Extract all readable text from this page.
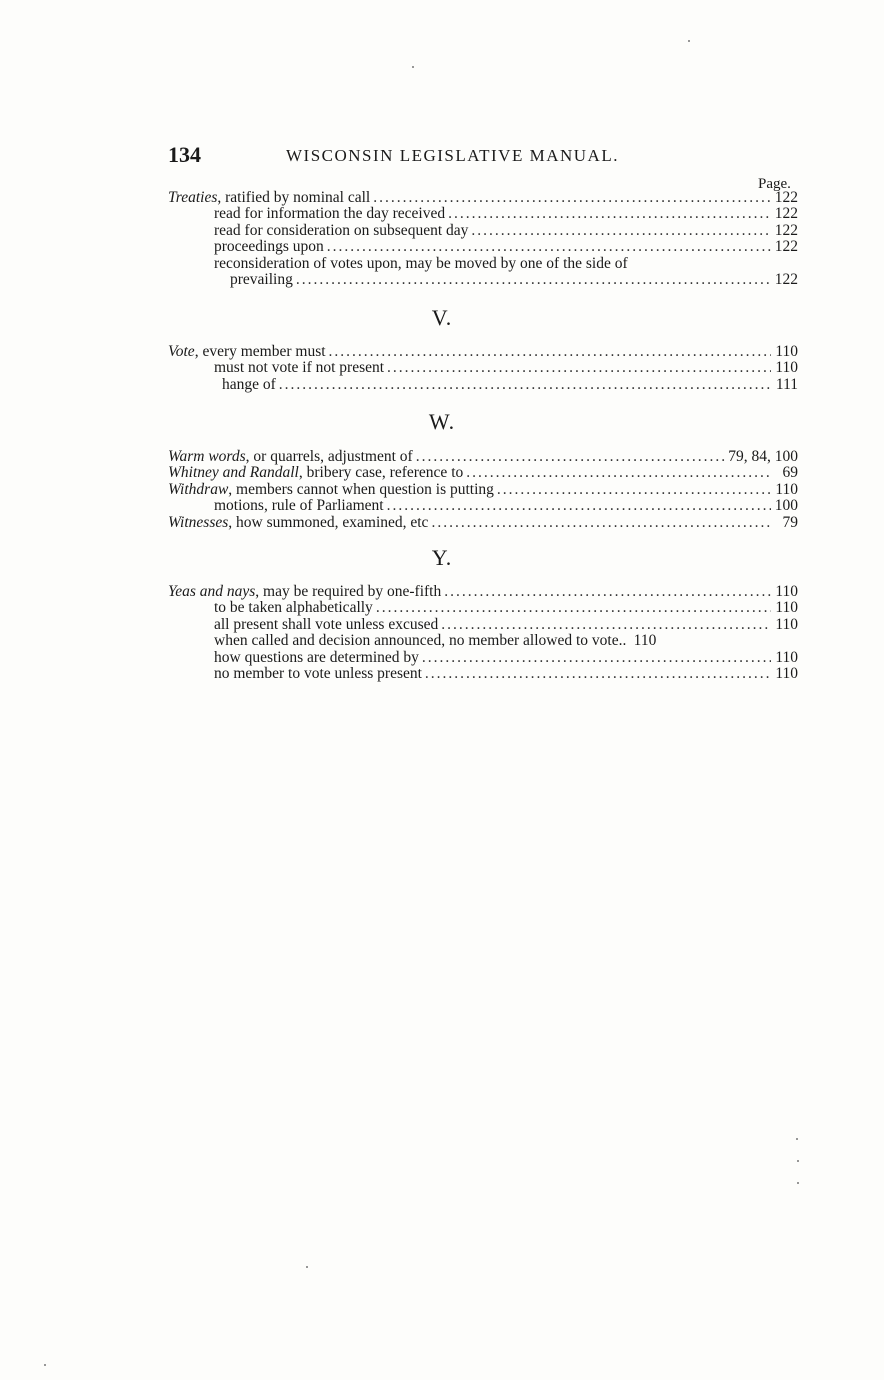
134	WISCONSIN LEGISLATIVE MANUAL.
Page.
Treaties , ratified by nominal call .....	122
read for information the day received .....	122
read for consideration on subsequent day .....	122
proceedings upon .....	122
reconsideration of votes upon, may be moved by one of the side of
prevailing .....	122
V.
Vote , every member must .....	110
must not vote if not present .....	110
hange of .....	111
W.
Warm words , or quarrels, adjustment of .....	79, 84, 100
Whitney and Randall , bribery case, reference to .....	69
Withdraw , members cannot when question is putting .....	110
motions, rule of Parliament .....	100
Witnesses , how summoned, examined, etc .....	79
Y.
Yeas and nays , may be required by one-fifth .....	110
to be taken alphabetically .....	110
all present shall vote unless excused .....	110
when called and decision announced, no member allowed to vote.. 110
how questions are determined by .....	110
no member to vote unless present .....	110
